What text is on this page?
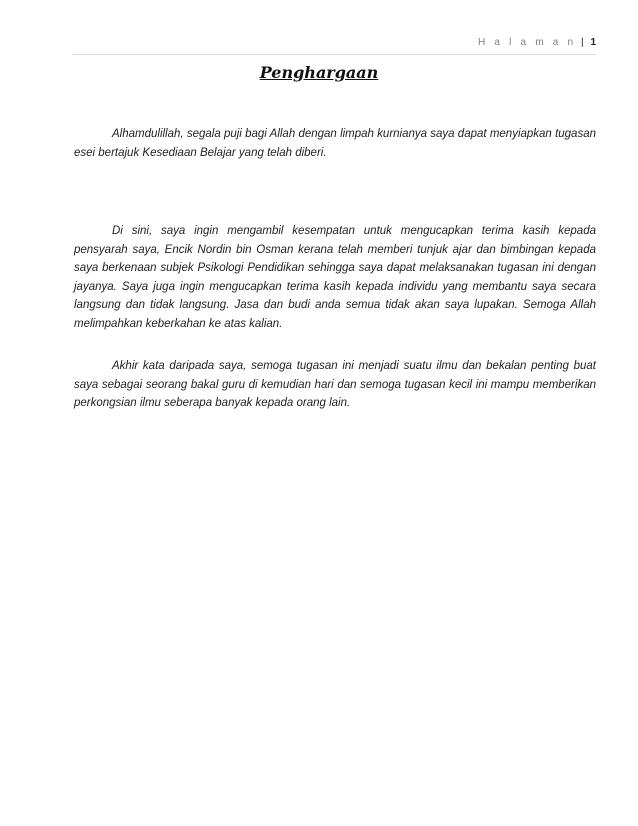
H a l a m a n | 1
Penghargaan

Alhamdulillah, segala puji bagi Allah dengan limpah kurnianya saya dapat menyiapkan tugasan esei bertajuk Kesediaan Belajar yang telah diberi.

Di sini, saya ingin mengambil kesempatan untuk mengucapkan terima kasih kepada pensyarah saya, Encik Nordin bin Osman kerana telah memberi tunjuk ajar dan bimbingan kepada saya berkenaan subjek Psikologi Pendidikan sehingga saya dapat melaksanakan tugasan ini dengan jayanya. Saya juga ingin mengucapkan terima kasih kepada individu yang membantu saya secara langsung dan tidak langsung. Jasa dan budi anda semua tidak akan saya lupakan. Semoga Allah melimpahkan keberkahan ke atas kalian.

Akhir kata daripada saya, semoga tugasan ini menjadi suatu ilmu dan bekalan penting buat saya sebagai seorang bakal guru di kemudian hari dan semoga tugasan kecil ini mampu memberikan perkongsian ilmu seberapa banyak kepada orang lain.
